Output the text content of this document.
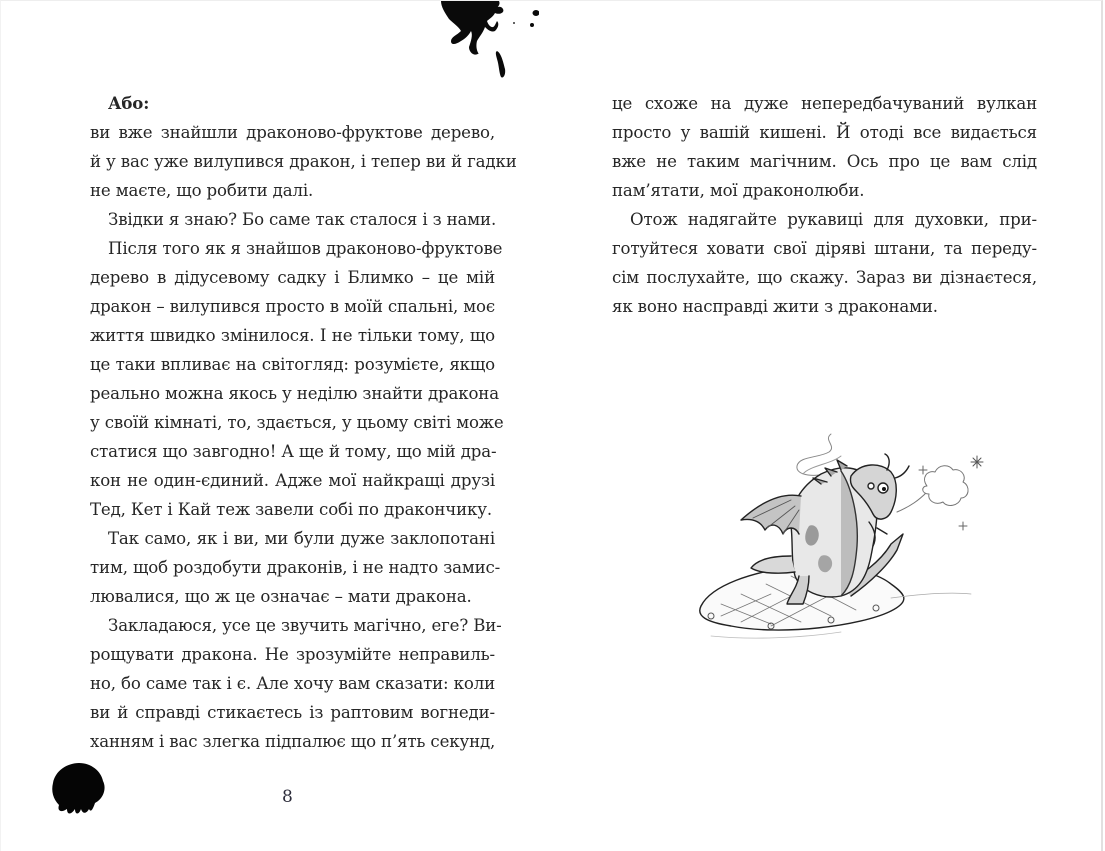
Або:
ви вже знайшли драконово-фруктове дерево,
й у вас уже вилупився дракон, і тепер ви й гадки
не маєте, що робити далі.
Звідки я знаю? Бо саме так сталося і з нами.
Після того як я знайшов драконово-фруктове
дерево в дідусевому садку і Блимко – це мій
дракон – вилупився просто в моїй спальні, моє
життя швидко змінилося. І не тільки тому, що
це таки впливає на світогляд: розумієте, якщо
реально можна якось у неділю знайти дракона
у своїй кімнаті, то, здається, у цьому світі може
статися що завгодно! А ще й тому, що мій дра-
кон не один-єдиний. Адже мої найкращі друзі
Тед, Кет і Кай теж завели собі по дракончику.
Так само, як і ви, ми були дуже заклопотані
тим, щоб роздобути драконів, і не надто замис-
лювалися, що ж це означає – мати дракона.
Закладаюся, усе це звучить магічно, еге? Ви-
рощувати дракона. Не зрозумійте неправиль-
но, бо саме так і є. Але хочу вам сказати: коли
ви й справді стикаєтесь із раптовим вогнеди-
ханням і вас злегка підпалює що п’ять секунд,
це схоже на дуже непередбачуваний вулкан
просто у вашій кишені. Й отоді все видається
вже не таким магічним. Ось про це вам слід
пам’ятати, мої драконолюби.
Отож надягайте рукавиці для духовки, при-
готуйтеся ховати свої діряві штани, та переду-
сім послухайте, що скажу. Зараз ви дізнаєтеся,
як воно насправді жити з драконами.
8
